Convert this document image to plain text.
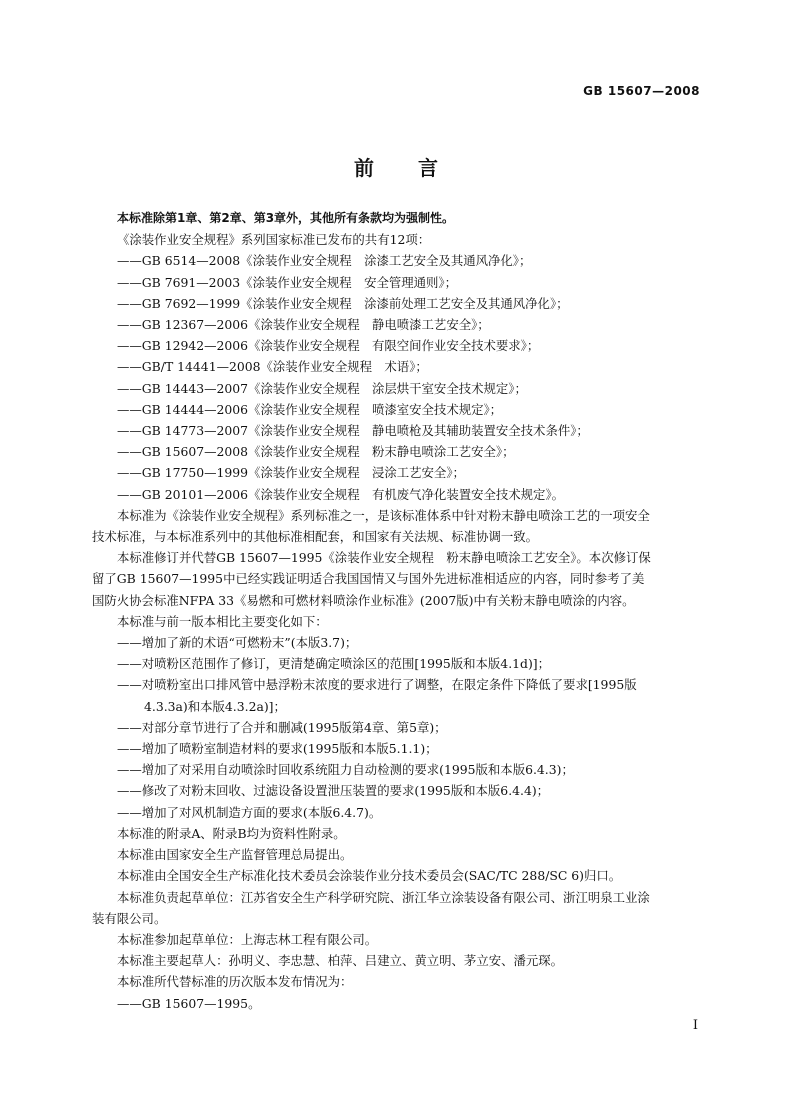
GB 15607—2008
前言

本标准除第1章、第2章、第3章外，其他所有条款均为强制性。

《涂装作业安全规程》系列国家标准已发布的共有12项：

——GB 6514—2008《涂装作业安全规程　涂漆工艺安全及其通风净化》；

——GB 7691—2003《涂装作业安全规程　安全管理通则》；

——GB 7692—1999《涂装作业安全规程　涂漆前处理工艺安全及其通风净化》；

——GB 12367—2006《涂装作业安全规程　静电喷漆工艺安全》；

——GB 12942—2006《涂装作业安全规程　有限空间作业安全技术要求》；

——GB/T 14441—2008《涂装作业安全规程　术语》；

——GB 14443—2007《涂装作业安全规程　涂层烘干室安全技术规定》；

——GB 14444—2006《涂装作业安全规程　喷漆室安全技术规定》；

——GB 14773—2007《涂装作业安全规程　静电喷枪及其辅助装置安全技术条件》；

——GB 15607—2008《涂装作业安全规程　粉末静电喷涂工艺安全》；

——GB 17750—1999《涂装作业安全规程　浸涂工艺安全》；

——GB 20101—2006《涂装作业安全规程　有机废气净化装置安全技术规定》。

本标准为《涂装作业安全规程》系列标准之一，是该标准体系中针对粉末静电喷涂工艺的一项安全

技术标准，与本标准系列中的其他标准相配套，和国家有关法规、标准协调一致。

本标准修订并代替GB 15607—1995《涂装作业安全规程　粉末静电喷涂工艺安全》。本次修订保

留了GB 15607—1995中已经实践证明适合我国国情又与国外先进标准相适应的内容，同时参考了美

国防火协会标准NFPA 33《易燃和可燃材料喷涂作业标准》(2007版)中有关粉末静电喷涂的内容。

本标准与前一版本相比主要变化如下：

——增加了新的术语“可燃粉末”(本版3.7)；

——对喷粉区范围作了修订，更清楚确定喷涂区的范围[1995版和本版4.1d)]；

——对喷粉室出口排风管中悬浮粉末浓度的要求进行了调整，在限定条件下降低了要求[1995版

4.3.3a)和本版4.3.2a)]；

——对部分章节进行了合并和删减(1995版第4章、第5章)；

——增加了喷粉室制造材料的要求(1995版和本版5.1.1)；

——增加了对采用自动喷涂时回收系统阻力自动检测的要求(1995版和本版6.4.3)；

——修改了对粉末回收、过滤设备设置泄压装置的要求(1995版和本版6.4.4)；

——增加了对风机制造方面的要求(本版6.4.7)。

本标准的附录A、附录B均为资料性附录。

本标准由国家安全生产监督管理总局提出。

本标准由全国安全生产标准化技术委员会涂装作业分技术委员会(SAC/TC 288/SC 6)归口。

本标准负责起草单位：江苏省安全生产科学研究院、浙江华立涂装设备有限公司、浙江明泉工业涂

装有限公司。

本标准参加起草单位：上海志林工程有限公司。

本标准主要起草人：孙明义、李忠慧、柏萍、吕建立、黄立明、茅立安、潘元琛。

本标准所代替标准的历次版本发布情况为：

——GB 15607—1995。

I
